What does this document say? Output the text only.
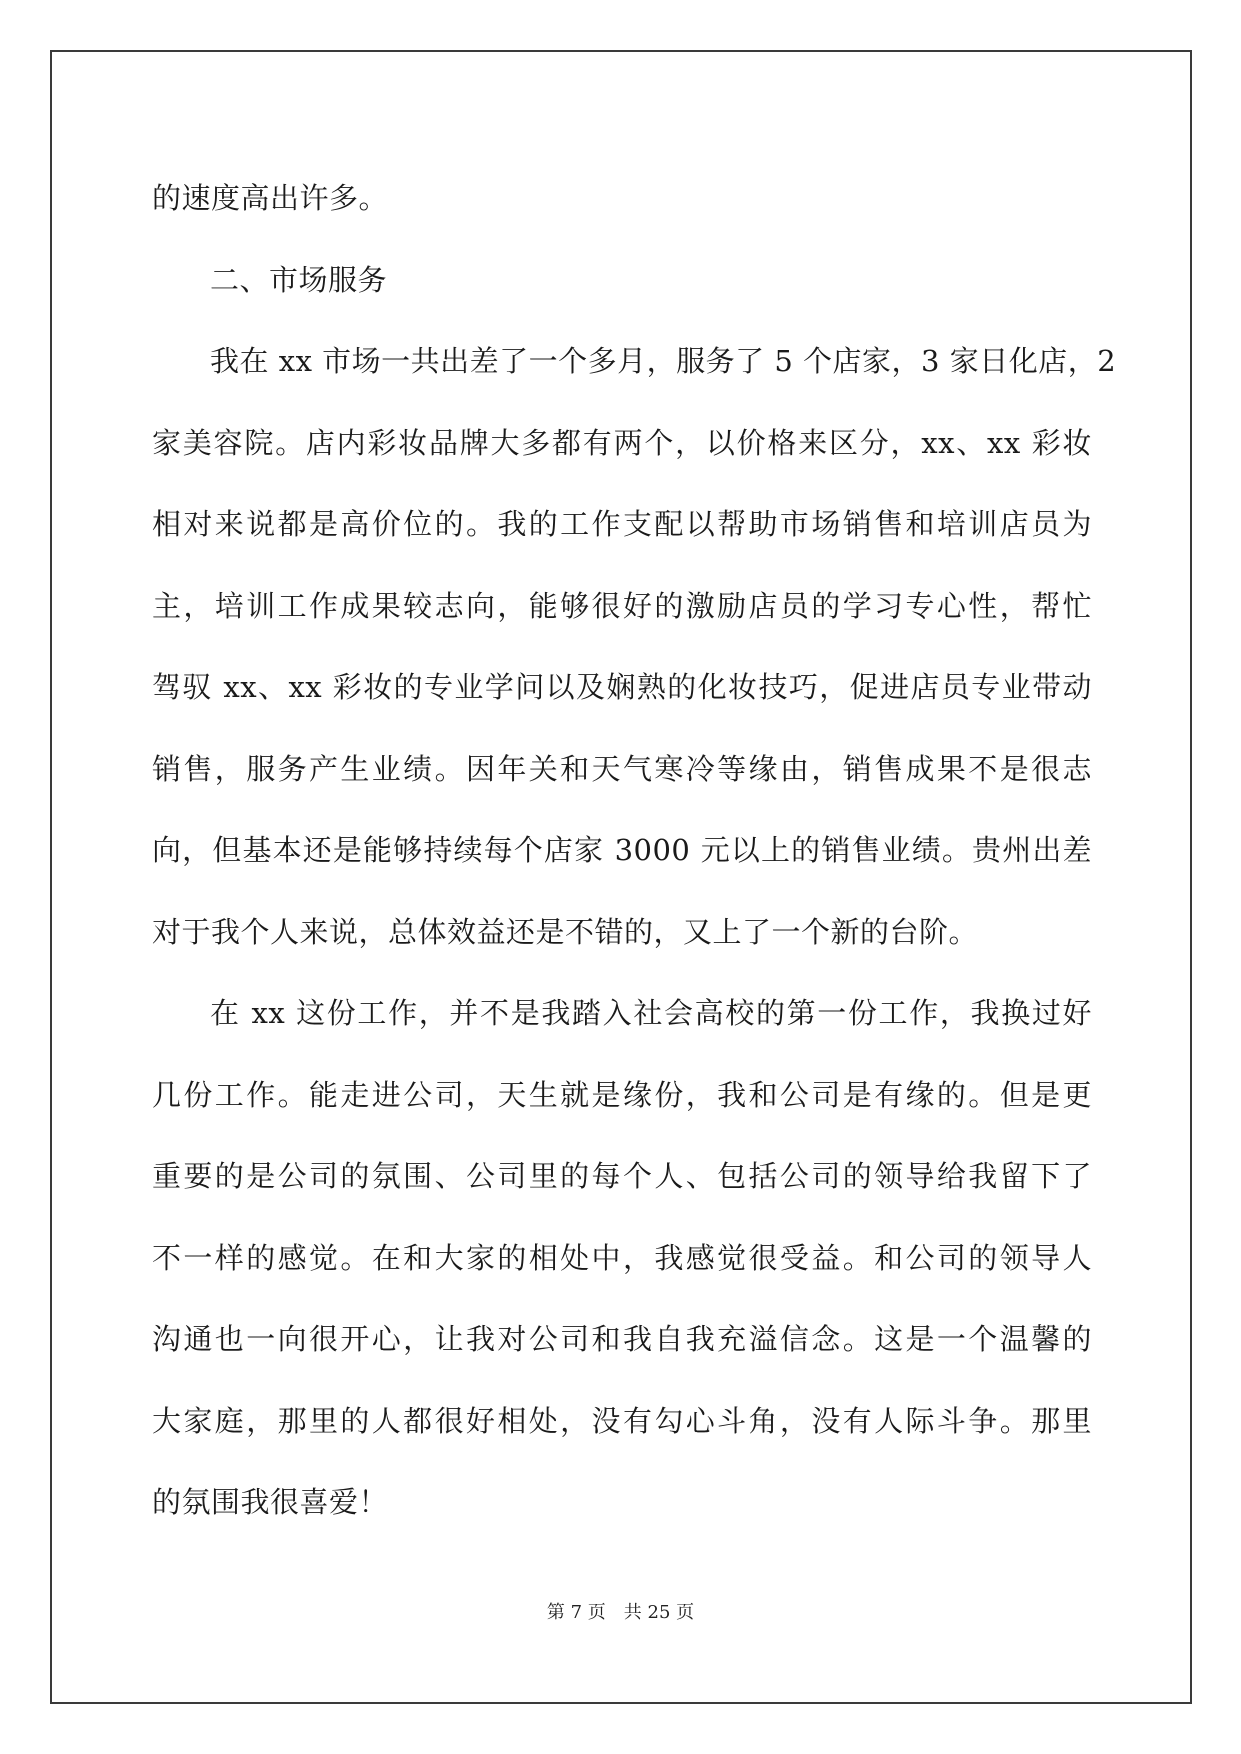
的速度高出许多。
二、市场服务
我在 xx 市场一共出差了一个多月，服务了 5 个店家，3 家日化店，2
家美容院。店内彩妆品牌大多都有两个，以价格来区分，xx、xx 彩妆
相对来说都是高价位的。我的工作支配以帮助市场销售和培训店员为
主，培训工作成果较志向，能够很好的激励店员的学习专心性，帮忙
驾驭 xx、xx 彩妆的专业学问以及娴熟的化妆技巧，促进店员专业带动
销售，服务产生业绩。因年关和天气寒冷等缘由，销售成果不是很志
向，但基本还是能够持续每个店家 3000 元以上的销售业绩。贵州出差
对于我个人来说，总体效益还是不错的，又上了一个新的台阶。
在 xx 这份工作，并不是我踏入社会高校的第一份工作，我换过好
几份工作。能走进公司，天生就是缘份，我和公司是有缘的。但是更
重要的是公司的氛围、公司里的每个人、包括公司的领导给我留下了
不一样的感觉。在和大家的相处中，我感觉很受益。和公司的领导人
沟通也一向很开心，让我对公司和我自我充溢信念。这是一个温馨的
大家庭，那里的人都很好相处，没有勾心斗角，没有人际斗争。那里
的氛围我很喜爱！
第 7 页　共 25 页
